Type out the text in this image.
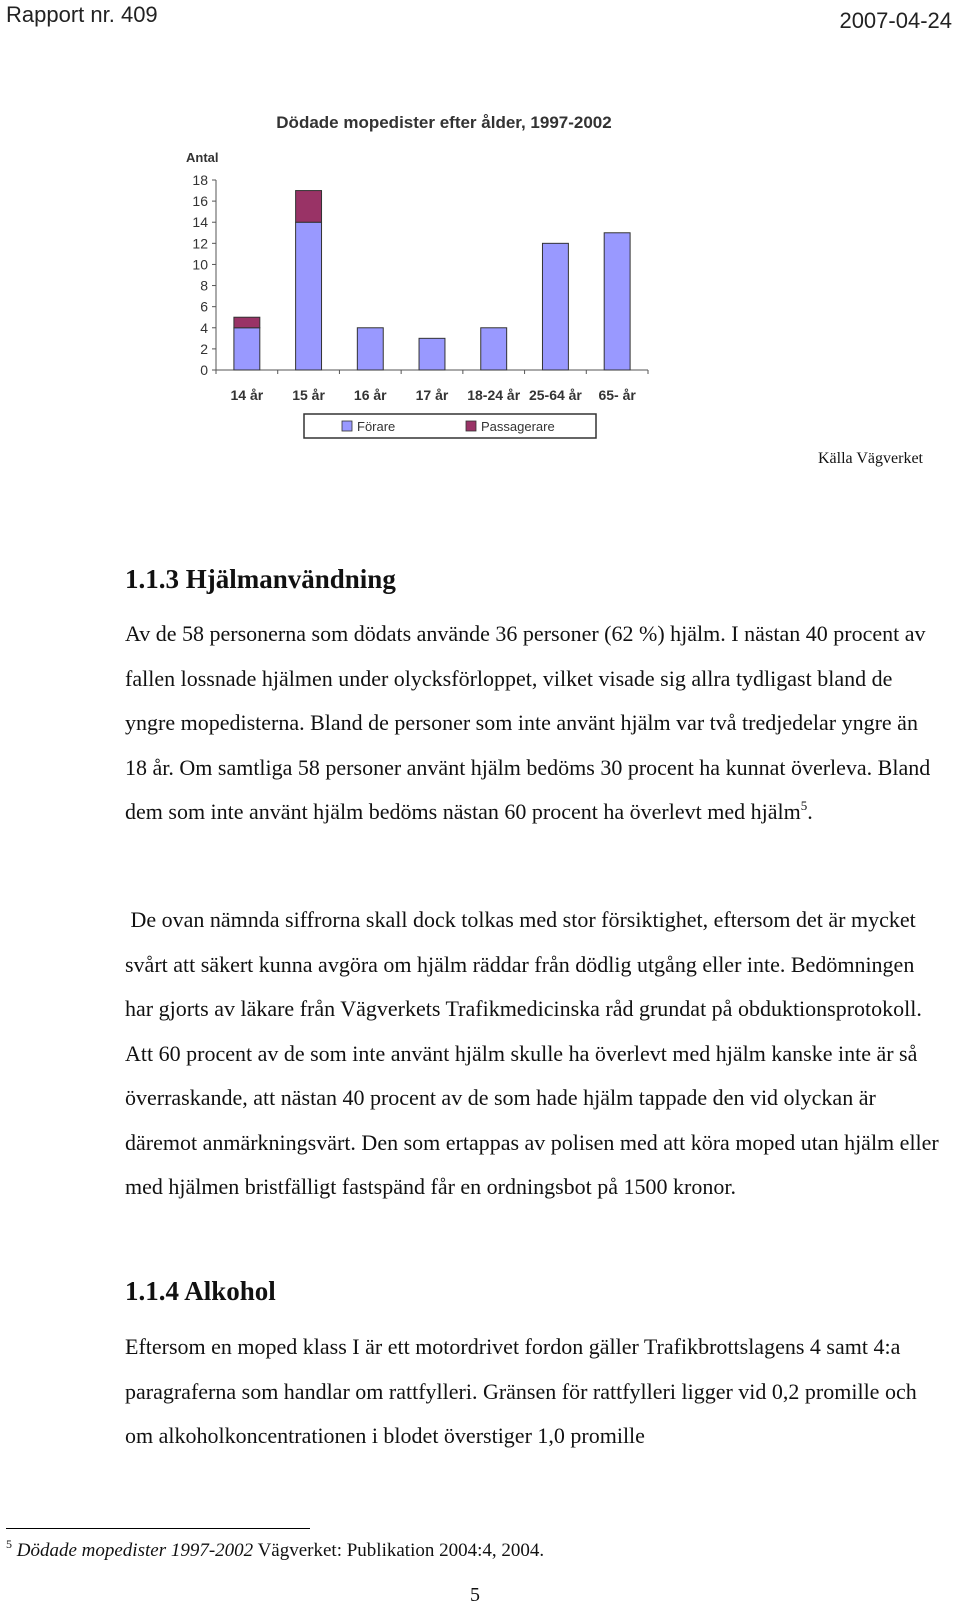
Rapport nr. 409	2007-04-24
Dödade mopedister efter ålder, 1997-2002
Antal
0
2
4
6
8
10
12
14
16
18
14 år 15 år 16 år 17 år 18-24 år 25-64 år 65- år
Förare	Passagerare
Källa Vägverket
1.1.3 Hjälmanvändning

Av de 58 personerna som dödats använde 36 personer (62 %) hjälm. I nästan 40 procent av fallen lossnade hjälmen under olycksförloppet, vilket visade sig allra tydligast bland de yngre mopedisterna. Bland de personer som inte använt hjälm var två tredjedelar yngre än 18 år. Om samtliga 58 personer använt hjälm bedöms 30 procent ha kunnat överleva. Bland dem som inte använt hjälm bedöms nästan 60 procent ha överlevt med hjälm$^5$.

De ovan nämnda siffrorna skall dock tolkas med stor försiktighet, eftersom det är mycket svårt att säkert kunna avgöra om hjälm räddar från dödlig utgång eller inte. Bedömningen har gjorts av läkare från Vägverkets Trafikmedicinska råd grundat på obduktionsprotokoll. Att 60 procent av de som inte använt hjälm skulle ha överlevt med hjälm kanske inte är så överraskande, att nästan 40 procent av de som hade hjälm tappade den vid olyckan är däremot anmärkningsvärt. Den som ertappas av polisen med att köra moped utan hjälm eller med hjälmen bristfälligt fastspänd får en ordningsbot på 1500 kronor.

1.1.4 Alkohol

Eftersom en moped klass I är ett motordrivet fordon gäller Trafikbrottslagens 4 samt 4:a paragraferna som handlar om rattfylleri. Gränsen för rattfylleri ligger vid 0,2 promille och om alkoholkoncentrationen i blodet överstiger 1,0 promille

$^5$ Dödade mopedister 1997-2002 Vägverket: Publikation 2004:4, 2004.

5
